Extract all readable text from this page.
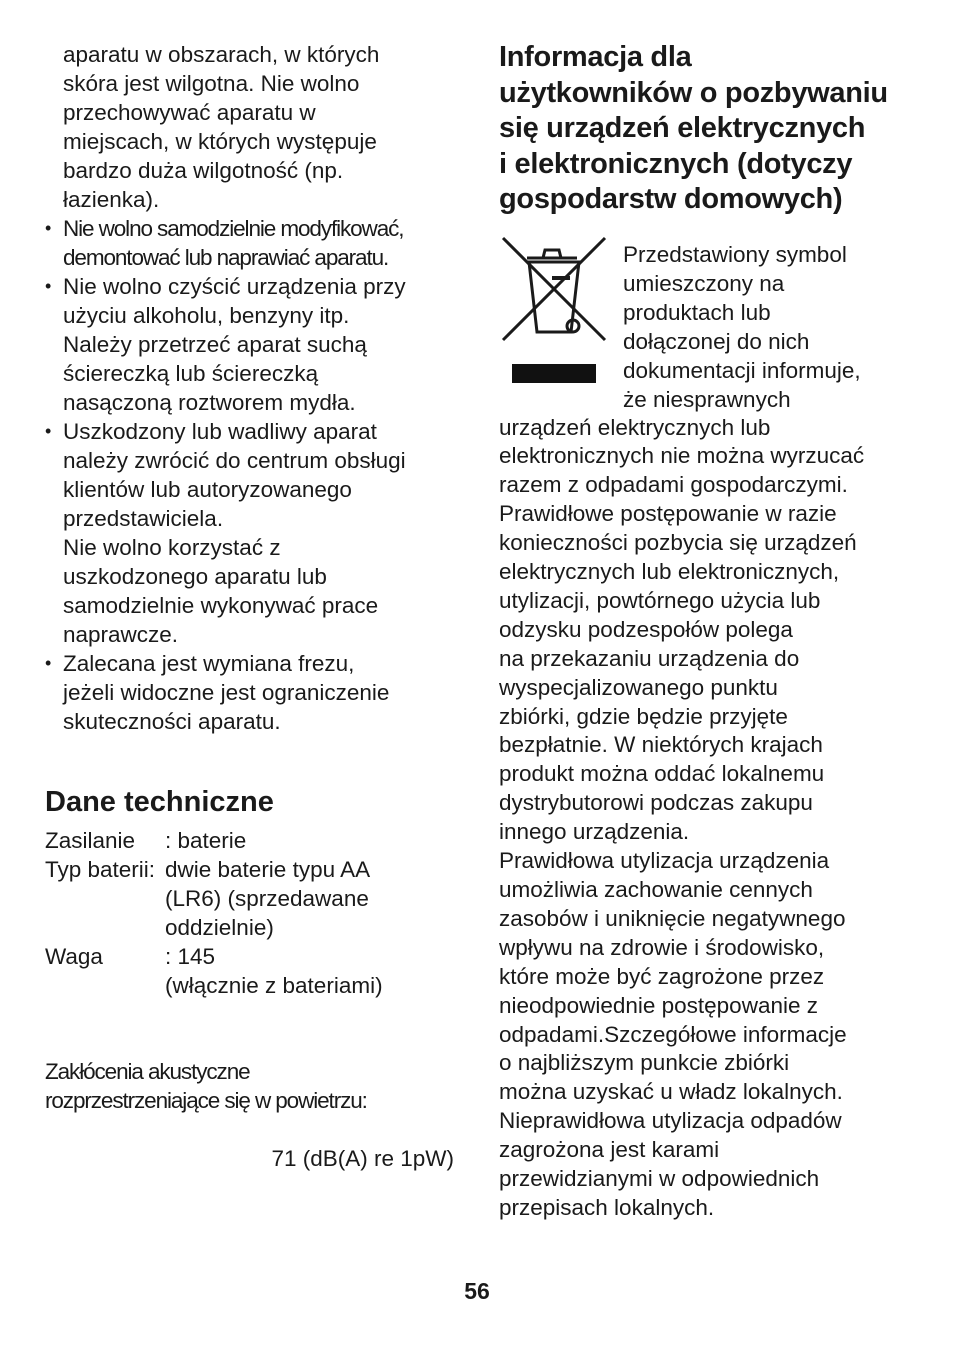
aparatu w obszarach, w których
skóra jest wilgotna. Nie wolno
przechowywać aparatu w
miejscach, w których występuje
bardzo duża wilgotność (np.
łazienka).

• Nie wolno samodzielnie modyfikować,
demontować lub naprawiać aparatu.

• Nie wolno czyścić urządzenia przy
użyciu alkoholu, benzyny itp.
Należy przetrzeć aparat suchą
ściereczką lub ściereczką
nasączoną roztworem mydła.

• Uszkodzony lub wadliwy aparat
należy zwrócić do centrum obsługi
klientów lub autoryzowanego
przedstawiciela.
Nie wolno korzystać z
uszkodzonego aparatu lub
samodzielnie wykonywać prace
naprawcze.

• Zalecana jest wymiana frezu,
jeżeli widoczne jest ograniczenie
skuteczności aparatu.

Dane techniczne
Zasilanie	: baterie
Typ baterii: dwie baterie typu AA
(LR6) (sprzedawane
oddzielnie)
Waga	: 145
(włącznie z bateriami)

Zakłócenia akustyczne
rozprzestrzeniające się w powietrzu:

71 (dB(A) re 1pW)

Informacja dla
użytkowników o pozbywaniu
się urządzeń elektrycznych
i elektronicznych (dotyczy
gospodarstw domowych)

Przedstawiony symbol
umieszczony na
produktach lub
dołączonej do nich
dokumentacji informuje,
że niesprawnych

urządzeń elektrycznych lub
elektronicznych nie można wyrzucać
razem z odpadami gospodarczymi.
Prawidłowe postępowanie w razie
konieczności pozbycia się urządzeń
elektrycznych lub elektronicznych,
utylizacji, powtórnego użycia lub
odzysku podzespołów polega
na przekazaniu urządzenia do
wyspecjalizowanego punktu
zbiórki, gdzie będzie przyjęte
bezpłatnie. W niektórych krajach
produkt można oddać lokalnemu
dystrybutorowi podczas zakupu
innego urządzenia.
Prawidłowa utylizacja urządzenia
umożliwia zachowanie cennych
zasobów i uniknięcie negatywnego
wpływu na zdrowie i środowisko,
które może być zagrożone przez
nieodpowiednie postępowanie z
odpadami.Szczegółowe informacje
o najbliższym punkcie zbiórki
można uzyskać u władz lokalnych.
Nieprawidłowa utylizacja odpadów
zagrożona jest karami
przewidzianymi w odpowiednich
przepisach lokalnych.

56
